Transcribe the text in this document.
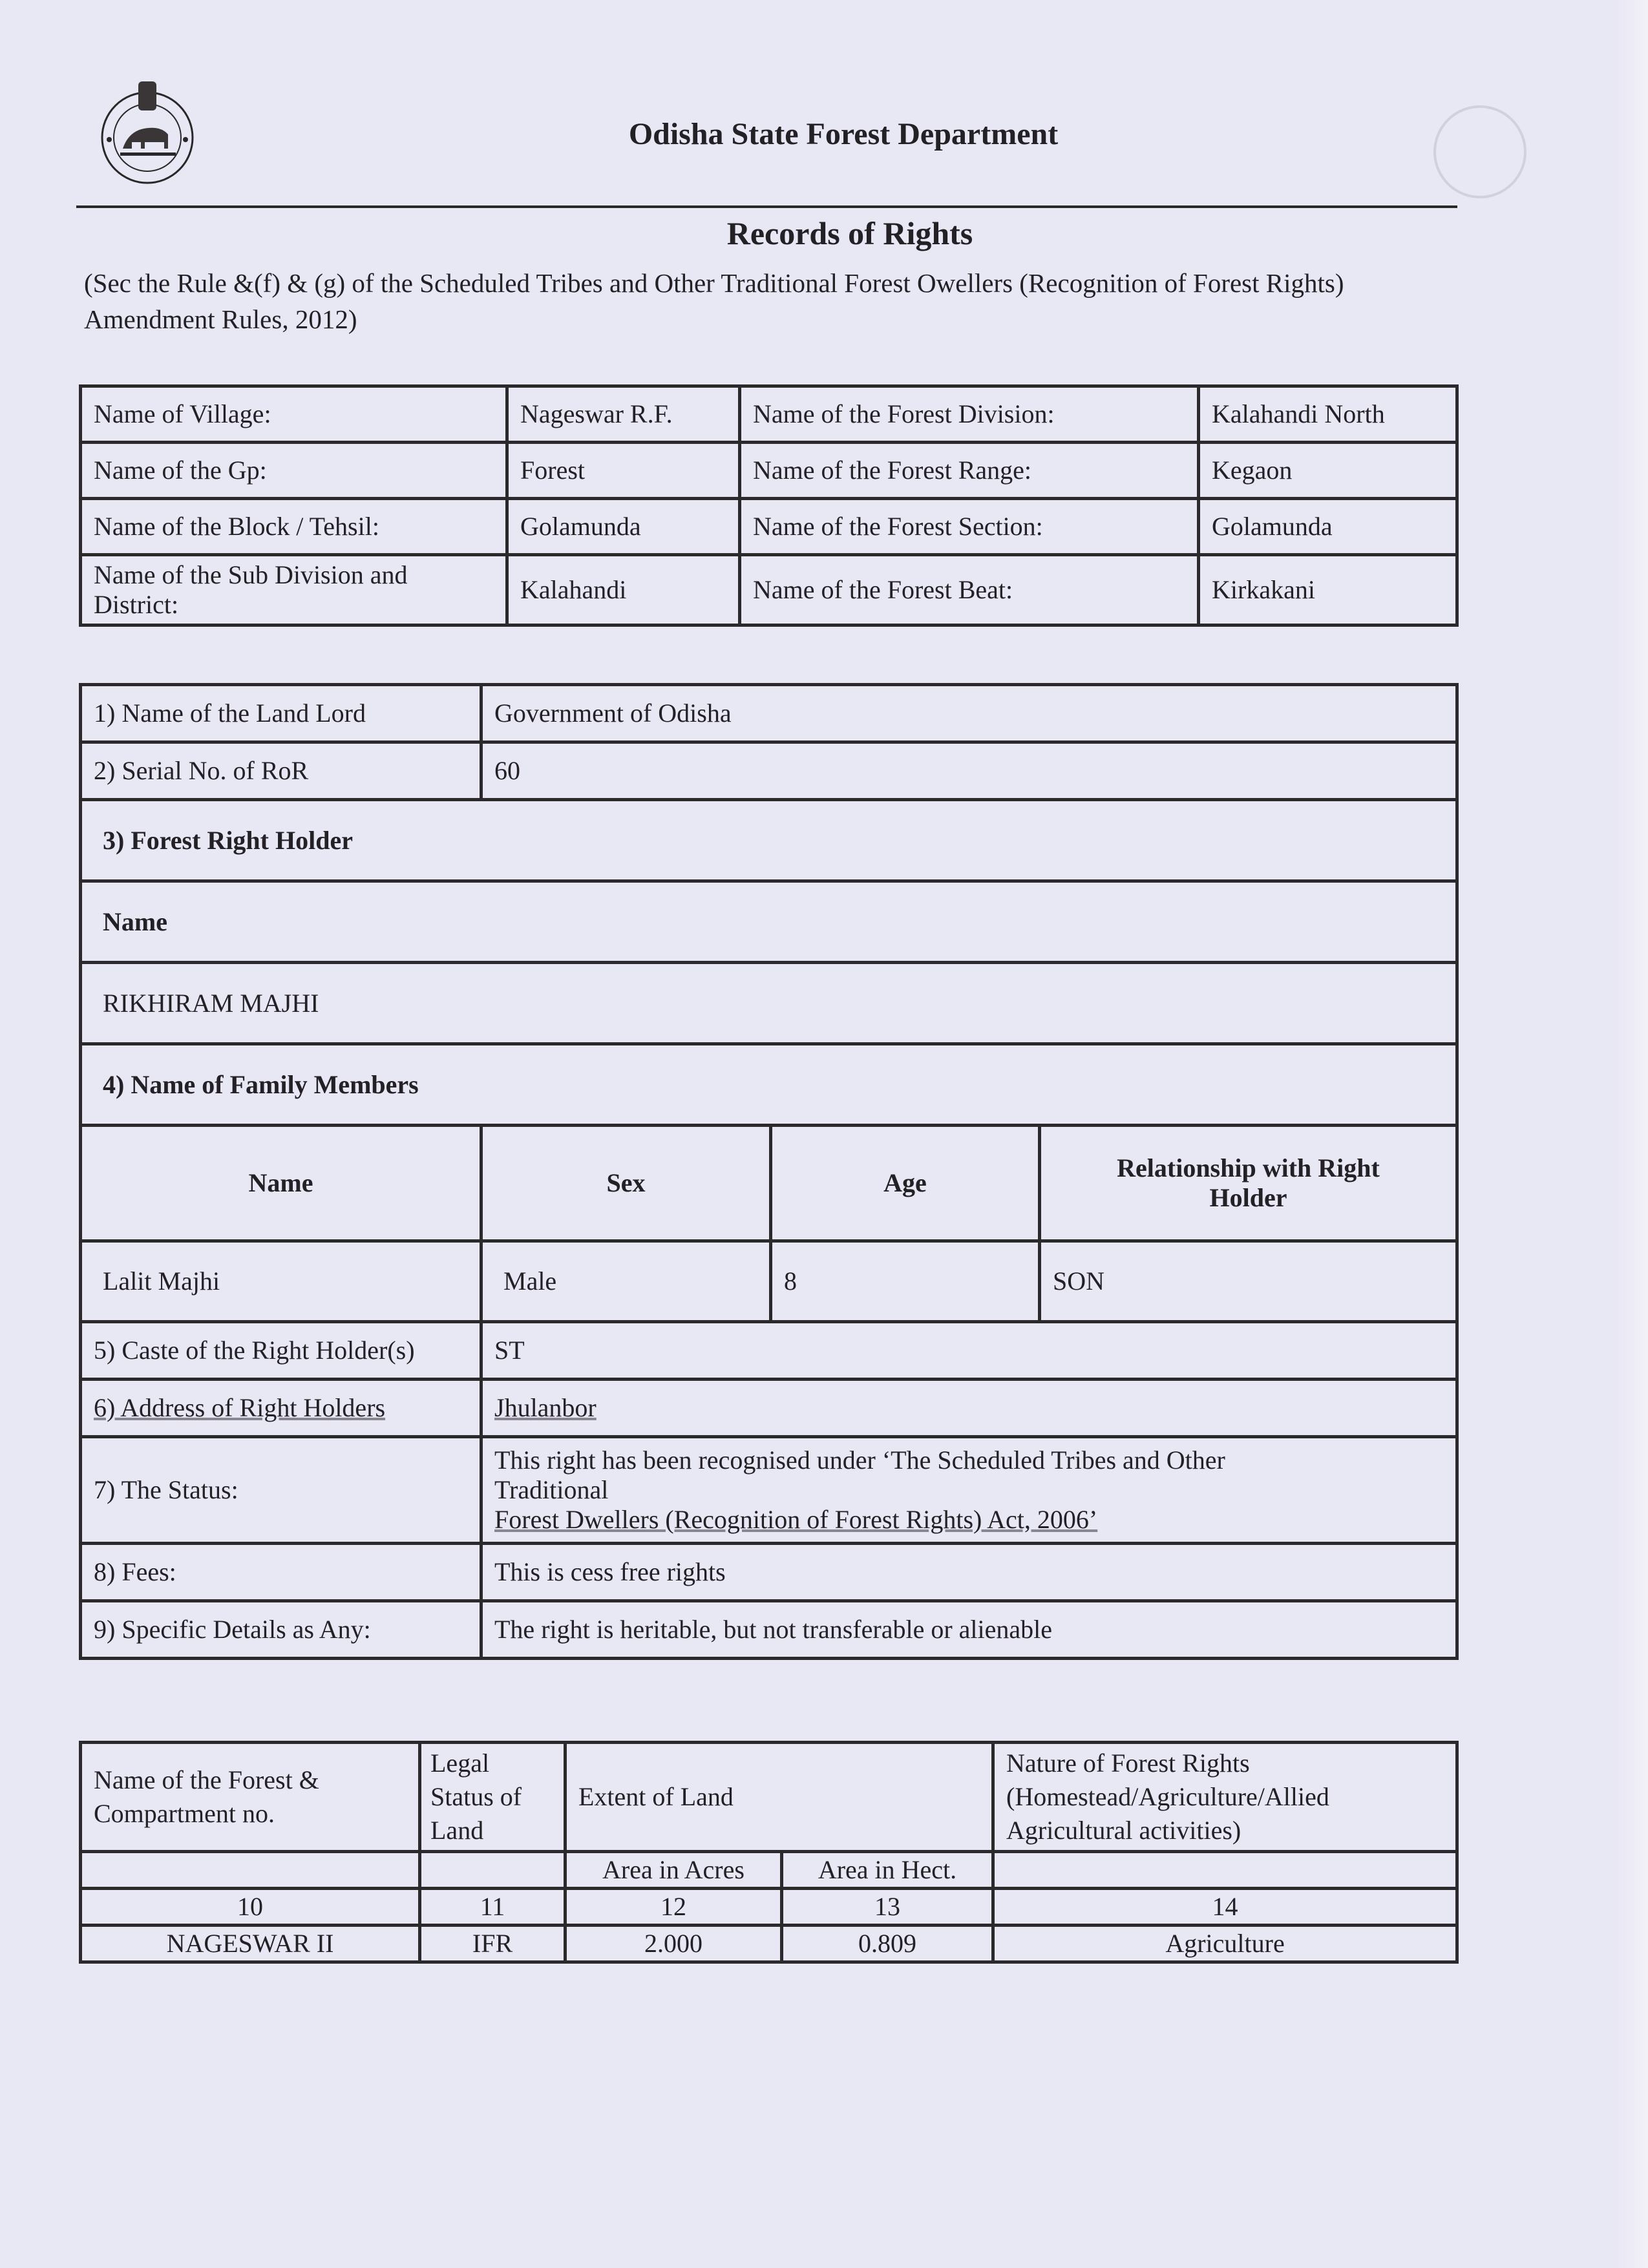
Odisha State Forest Department
Records of Rights
(Sec the Rule &(f) & (g) of the Scheduled Tribes and Other Traditional Forest Owellers (Recognition of Forest Rights) Amendment Rules, 2012)
Name of Village:	Nageswar R.F.	Name of the Forest Division:	Kalahandi North
Name of the Gp:	Forest	Name of the Forest Range:	Kegaon
Name of the Block / Tehsil:	Golamunda	Name of the Forest Section:	Golamunda
Name of the Sub Division and District:	Kalahandi	Name of the Forest Beat:	Kirkakani
1) Name of the Land Lord	Government of Odisha		
2) Serial No. of RoR	60		
3) Forest Right Holder			
Name			
RIKHIRAM MAJHI			
4) Name of Family Members			
Name	Sex	Age	Relationship with Right Holder
Lalit Majhi	Male	8	SON
5) Caste of the Right Holder(s)	ST		
6) Address of Right Holders	Jhulanbor		
7) The Status:	This right has been recognised under ‘The Scheduled Tribes and Other
Traditional
Forest Dwellers (Recognition of Forest Rights) Act, 2006’		

8) Fees:	This is cess free rights		
9) Specific Details as Any:	The right is heritable, but not transferable or alienable		
Name of the Forest & Compartment no.	Legal Status of Land	Extent of Land		Nature of Forest Rights (Homestead/Agriculture/Allied Agricultural activities)
		Area in Acres	Area in Hect.	
10	11	12	13	14
NAGESWAR II	IFR	2.000	0.809	Agriculture
